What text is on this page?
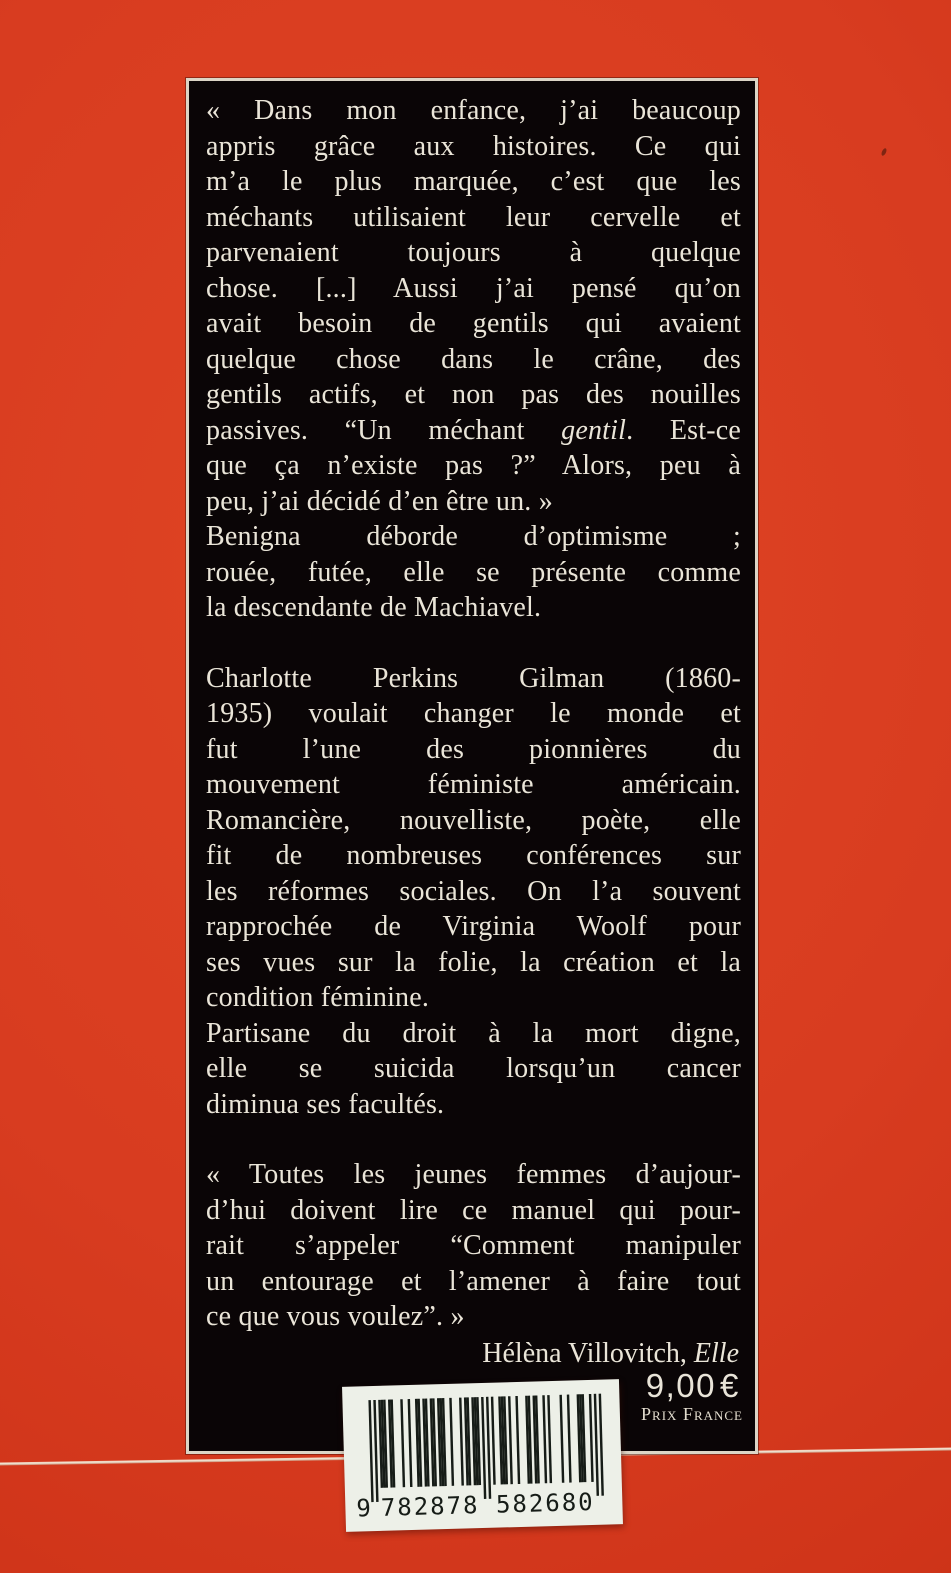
« Dans mon enfance, j’ai beaucoup
appris grâce aux histoires. Ce qui
m’a le plus marquée, c’est que les
méchants utilisaient leur cervelle et
parvenaient toujours à quelque
chose. [...] Aussi j’ai pensé qu’on
avait besoin de gentils qui avaient
quelque chose dans le crâne, des
gentils actifs, et non pas des nouilles
passives. “Un méchant gentil. Est-ce
que ça n’existe pas ?” Alors, peu à
peu, j’ai décidé d’en être un. »
Benigna déborde d’optimisme ;
rouée, futée, elle se présente comme
la descendante de Machiavel.
Charlotte Perkins Gilman (1860-
1935) voulait changer le monde et
fut l’une des pionnières du
mouvement féministe américain.
Romancière, nouvelliste, poète, elle
fit de nombreuses conférences sur
les réformes sociales. On l’a souvent
rapprochée de Virginia Woolf pour
ses vues sur la folie, la création et la
condition féminine.
Partisane du droit à la mort digne,
elle se suicida lorsqu’un cancer
diminua ses facultés.
« Toutes les jeunes femmes d’aujour-
d’hui doivent lire ce manuel qui pour-
rait s’appeler “Comment manipuler
un entourage et l’amener à faire tout
ce que vous voulez”. »
Hélèna Villovitch, Elle
9,00 €
Prix France
9 782878 582680
